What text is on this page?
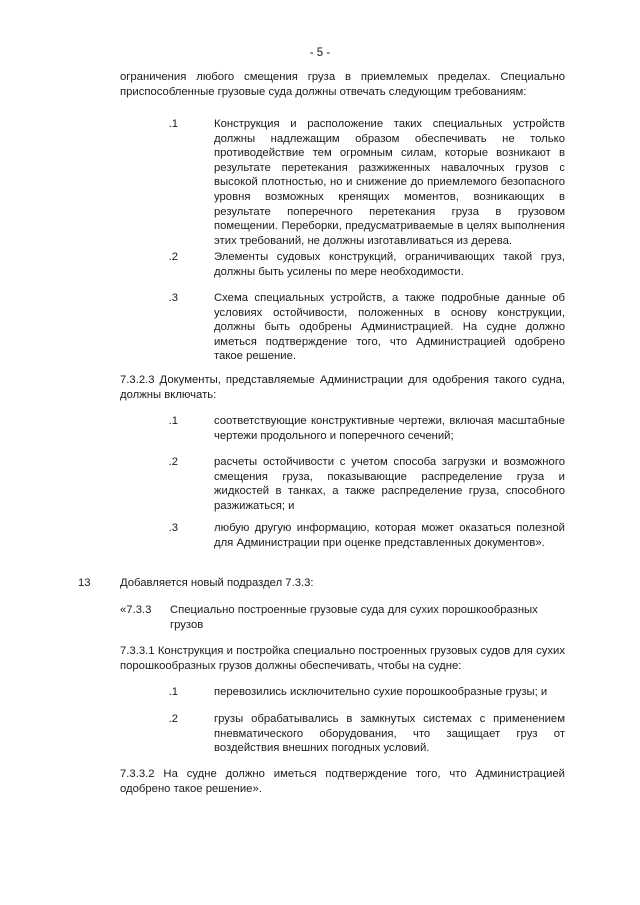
- 5 -
ограничения любого смещения груза в приемлемых пределах. Специально приспособленные грузовые суда должны отвечать следующим требованиям:
.1	Конструкция и расположение таких специальных устройств должны надлежащим образом обеспечивать не только противодействие тем огромным силам, которые возникают в результате перетекания разжиженных навалочных грузов с высокой плотностью, но и снижение до приемлемого безопасного уровня возможных кренящих моментов, возникающих в результате поперечного перетекания груза в грузовом помещении. Переборки, предусматриваемые в целях выполнения этих требований, не должны изготавливаться из дерева.
.2	Элементы судовых конструкций, ограничивающих такой груз, должны быть усилены по мере необходимости.
.3	Схема специальных устройств, а также подробные данные об условиях остойчивости, положенных в основу конструкции, должны быть одобрены Администрацией. На судне должно иметься подтверждение того, что Администрацией одобрено такое решение.
7.3.2.3 Документы, представляемые Администрации для одобрения такого судна, должны включать:
.1	соответствующие конструктивные чертежи, включая масштабные чертежи продольного и поперечного сечений;
.2	расчеты остойчивости с учетом способа загрузки и возможного смещения груза, показывающие распределение груза и жидкостей в танках, а также распределение груза, способного разжижаться; и
.3	любую другую информацию, которая может оказаться полезной для Администрации при оценке представленных документов».
13	Добавляется новый подраздел 7.3.3:
«7.3.3 Специально построенные грузовые суда для сухих порошкообразных грузов
7.3.3.1 Конструкция и постройка специально построенных грузовых судов для сухих порошкообразных грузов должны обеспечивать, чтобы на судне:
.1	перевозились исключительно сухие порошкообразные грузы; и
.2	грузы обрабатывались в замкнутых системах с применением пневматического оборудования, что защищает груз от воздействия внешних погодных условий.
7.3.3.2 На судне должно иметься подтверждение того, что Администрацией одобрено такое решение».
